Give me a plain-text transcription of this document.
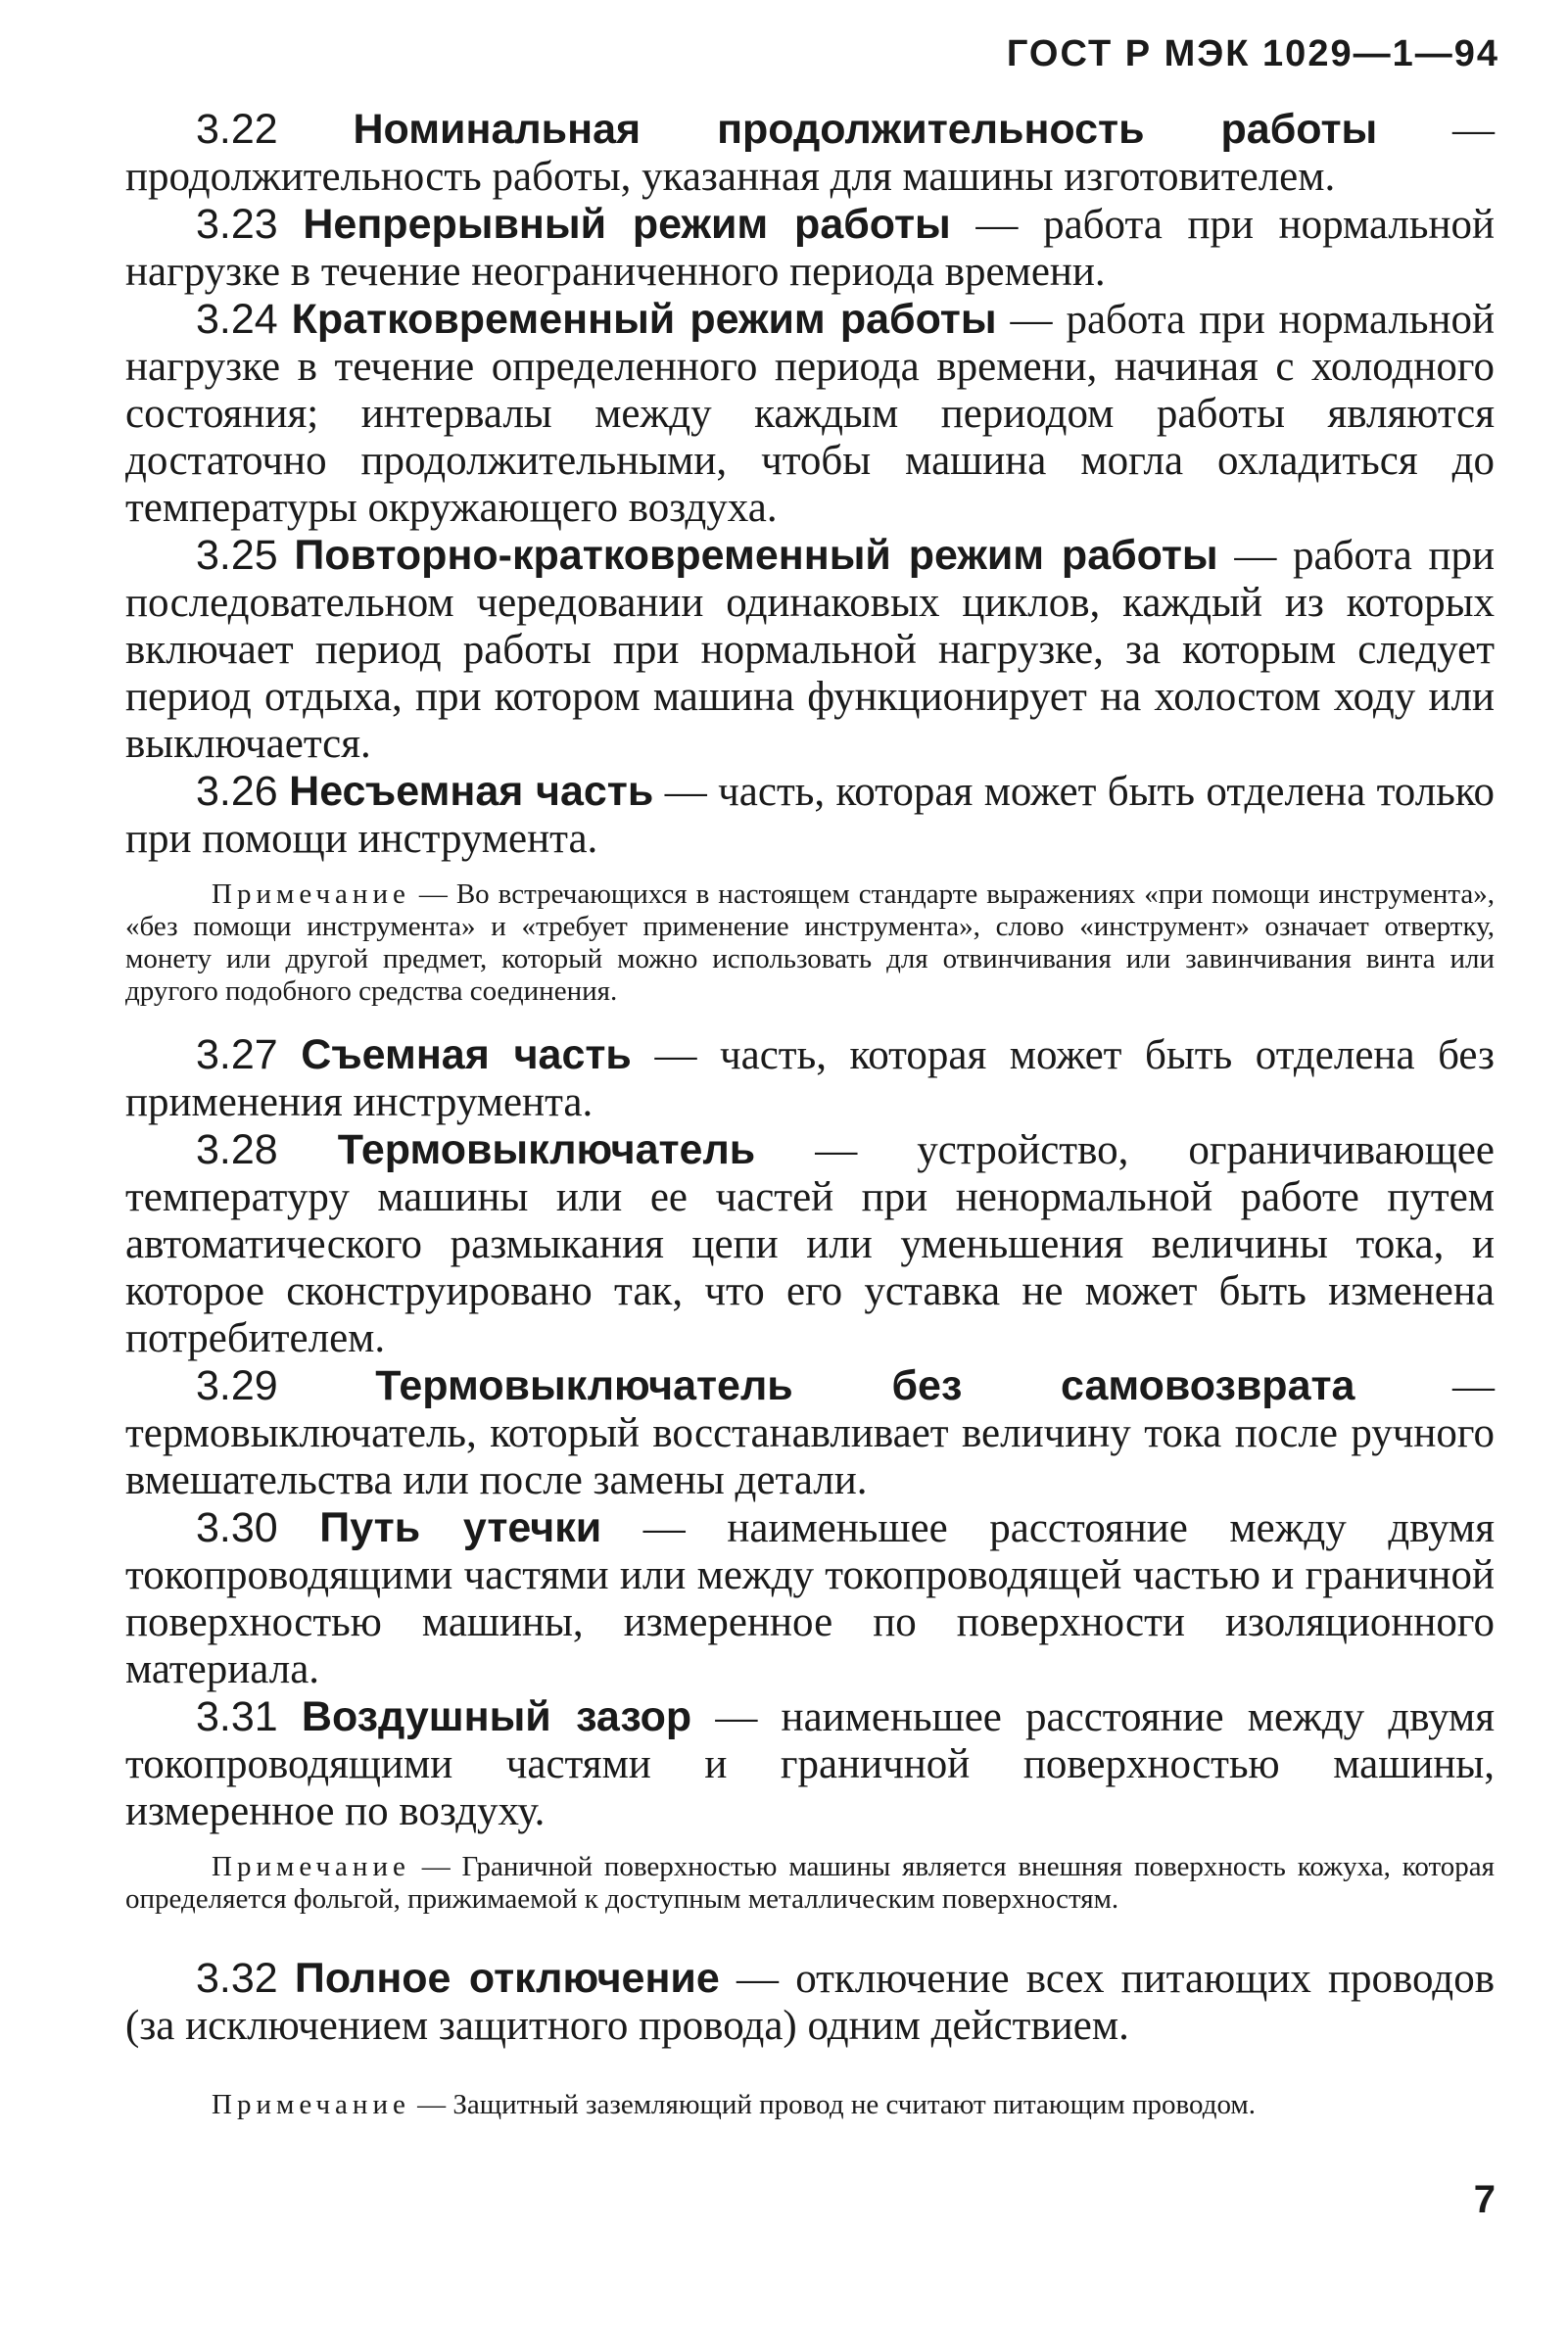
ГОСТ Р МЭК 1029—1—94

3.22 Номинальная продолжительность работы — продолжительность работы, указанная для машины изготовителем.

3.23 Непрерывный режим работы — работа при нормальной нагрузке в течение неограниченного периода времени.

3.24 Кратковременный режим работы — работа при нормальной нагрузке в течение определенного периода времени, начиная с холодного состояния; интервалы между каждым периодом работы являются достаточно продолжительными, чтобы машина могла охладиться до температуры окружающего воздуха.

3.25 Повторно-кратковременный режим работы — работа при последовательном чередовании одинаковых циклов, каждый из которых включает период работы при нормальной нагрузке, за которым следует период отдыха, при котором машина функционирует на холостом ходу или выключается.

3.26 Несъемная часть — часть, которая может быть отделена только при помощи инструмента.

Примечание — Во встречающихся в настоящем стандарте выражениях «при помощи инструмента», «без помощи инструмента» и «требует применение инструмента», слово «инструмент» означает отвертку, монету или другой предмет, который можно использовать для отвинчивания или завинчивания винта или другого подобного средства соединения.

3.27 Съемная часть — часть, которая может быть отделена без применения инструмента.

3.28 Термовыключатель — устройство, ограничивающее температуру машины или ее частей при ненормальной работе путем автоматического размыкания цепи или уменьшения величины тока, и которое сконструировано так, что его уставка не может быть изменена потребителем.

3.29 Термовыключатель без самовозврата — термовыключатель, который восстанавливает величину тока после ручного вмешательства или после замены детали.

3.30 Путь утечки — наименьшее расстояние между двумя токопроводящими частями или между токопроводящей частью и граничной поверхностью машины, измеренное по поверхности изоляционного материала.

3.31 Воздушный зазор — наименьшее расстояние между двумя токопроводящими частями и граничной поверхностью машины, измеренное по воздуху.

Примечание — Граничной поверхностью машины является внешняя поверхность кожуха, которая определяется фольгой, прижимаемой к доступным металлическим поверхностям.

3.32 Полное отключение — отключение всех питающих проводов (за исключением защитного провода) одним действием.

Примечание — Защитный заземляющий провод не считают питающим проводом.

7
